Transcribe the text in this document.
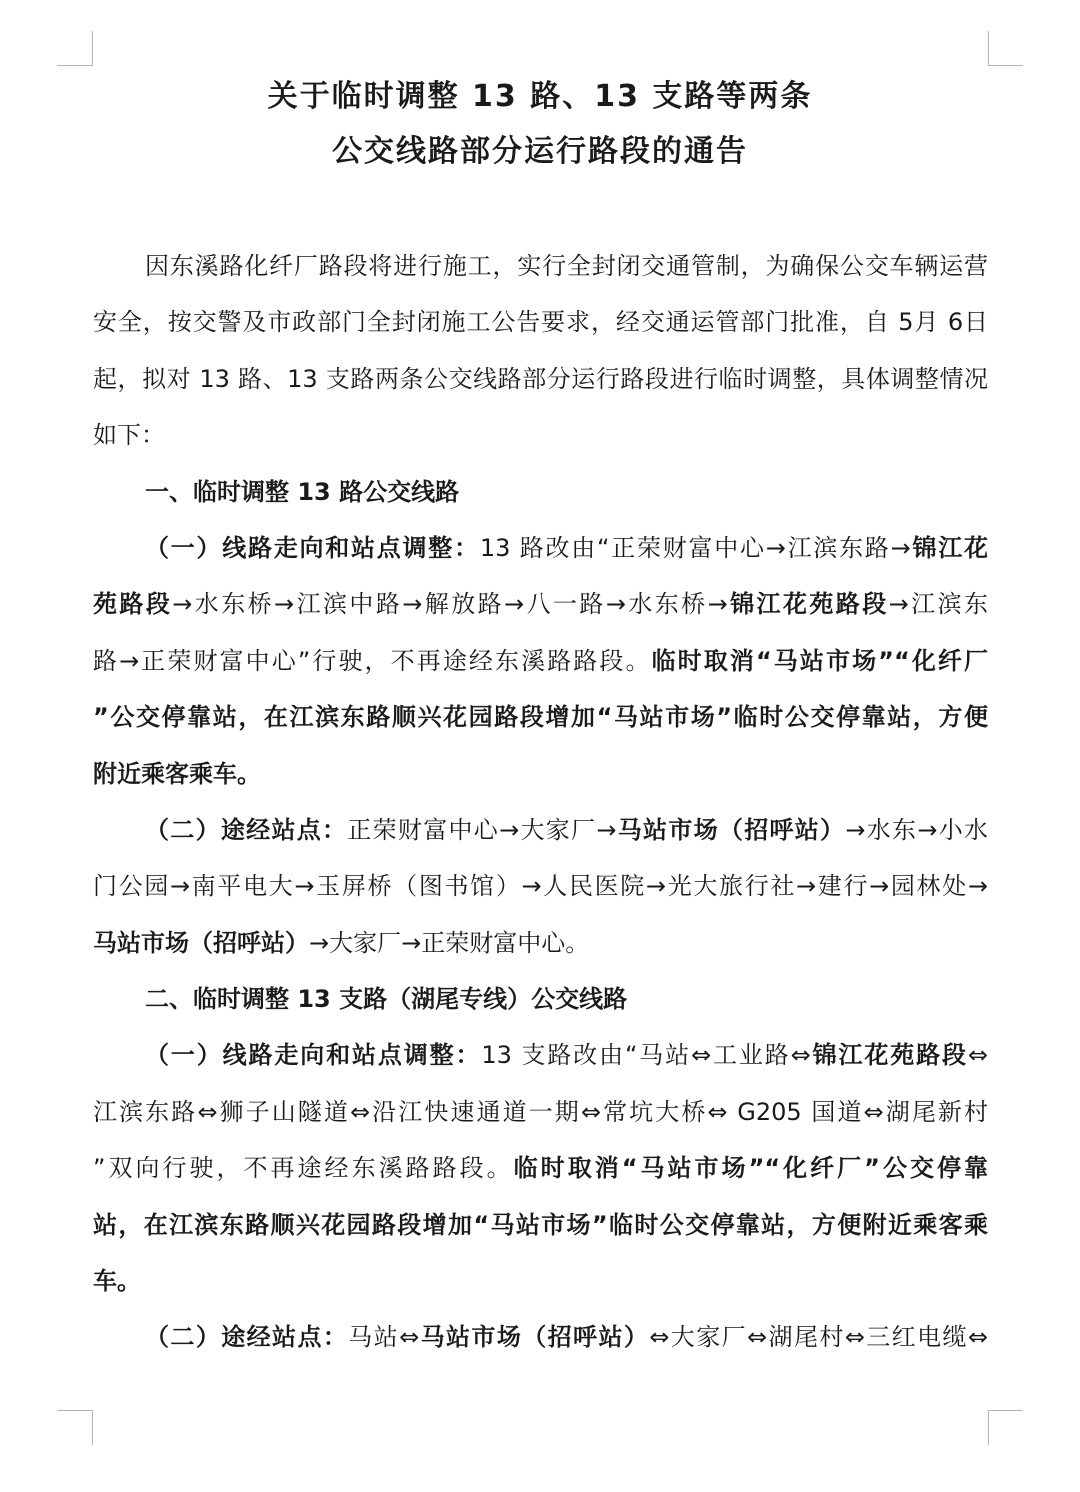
关于临时调整 13 路、13 支路等两条
公交线路部分运行路段的通告
因东溪路化纤厂路段将进行施工，实行全封闭交通管制，为确保公交车辆运营
安全，按交警及市政部门全封闭施工公告要求，经交通运管部门批准，自 5月 6日
起，拟对 13 路、13 支路两条公交线路部分运行路段进行临时调整，具体调整情况
如下：
一、临时调整 13 路公交线路
（一）线路走向和站点调整：13 路改由“正荣财富中心→江滨东路→锦江花
苑路段→水东桥→江滨中路→解放路→八一路→水东桥→锦江花苑路段→江滨东
路→正荣财富中心”行驶，不再途经东溪路路段。临时取消“马站市场”“化纤厂
”公交停靠站，在江滨东路顺兴花园路段增加“马站市场”临时公交停靠站，方便
附近乘客乘车。
（二）途经站点：正荣财富中心→大家厂→马站市场（招呼站）→水东→小水
门公园→南平电大→玉屏桥（图书馆）→人民医院→光大旅行社→建行→园林处→
马站市场（招呼站）→大家厂→正荣财富中心。
二、临时调整 13 支路（湖尾专线）公交线路
（一）线路走向和站点调整：13 支路改由“马站⇔工业路⇔锦江花苑路段⇔
江滨东路⇔狮子山隧道⇔沿江快速通道一期⇔常坑大桥⇔ G205 国道⇔湖尾新村
”双向行驶，不再途经东溪路路段。临时取消“马站市场”“化纤厂”公交停靠
站，在江滨东路顺兴花园路段增加“马站市场”临时公交停靠站，方便附近乘客乘
车。
（二）途经站点：马站⇔马站市场（招呼站）⇔大家厂⇔湖尾村⇔三红电缆⇔
